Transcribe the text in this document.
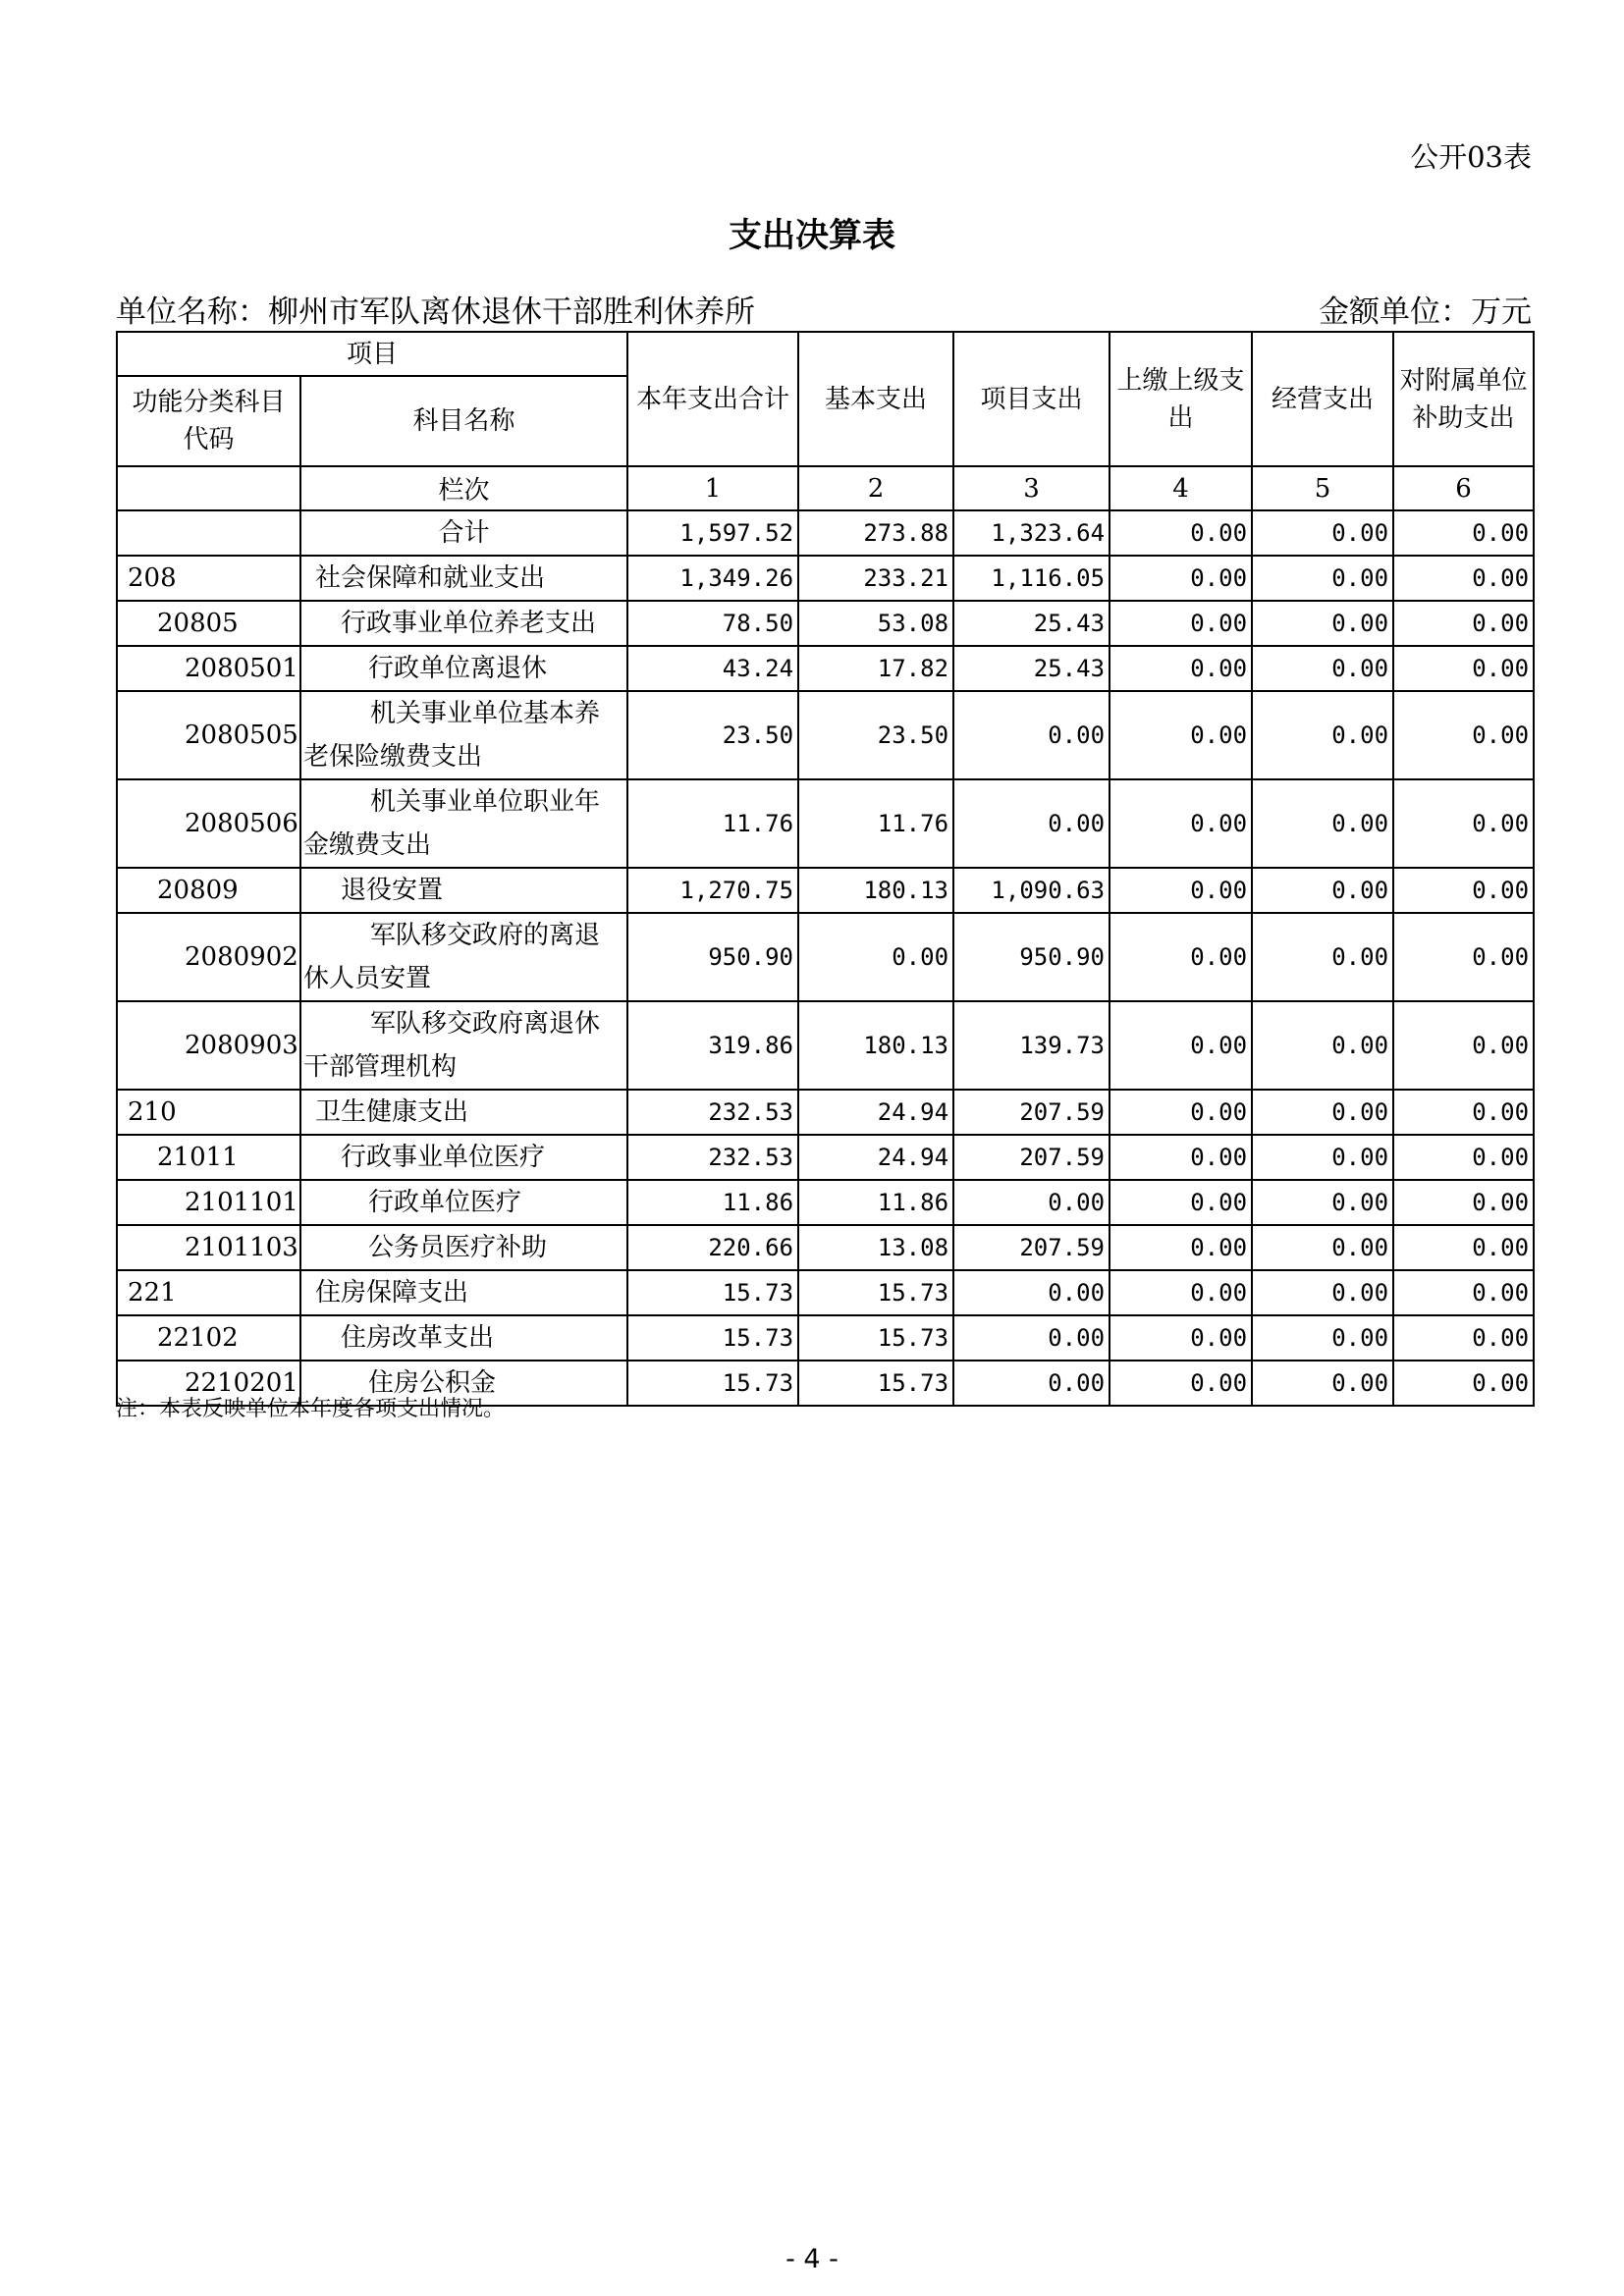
公开03表
支出决算表
单位名称：柳州市军队离休退休干部胜利休养所	金额单位：万元
项目		本年支出合计	基本支出	项目支出	上缴上级支出	经营支出	对附属单位补助支出
功能分类科目代码	科目名称						
	栏次	1	2	3	4	5	6
	合计	1,597.52	273.88	1,323.64	0.00	0.00	0.00
208	社会保障和就业支出	1,349.26	233.21	1,116.05	0.00	0.00	0.00
20805	行政事业单位养老支出	78.50	53.08	25.43	0.00	0.00	0.00
2080501	行政单位离退休	43.24	17.82	25.43	0.00	0.00	0.00
2080505	机关事业单位基本养老保险缴费支出	23.50	23.50	0.00	0.00	0.00	0.00
2080506	机关事业单位职业年金缴费支出	11.76	11.76	0.00	0.00	0.00	0.00
20809	退役安置	1,270.75	180.13	1,090.63	0.00	0.00	0.00
2080902	军队移交政府的离退休人员安置	950.90	0.00	950.90	0.00	0.00	0.00
2080903	军队移交政府离退休干部管理机构	319.86	180.13	139.73	0.00	0.00	0.00
210	卫生健康支出	232.53	24.94	207.59	0.00	0.00	0.00
21011	行政事业单位医疗	232.53	24.94	207.59	0.00	0.00	0.00
2101101	行政单位医疗	11.86	11.86	0.00	0.00	0.00	0.00
2101103	公务员医疗补助	220.66	13.08	207.59	0.00	0.00	0.00
221	住房保障支出	15.73	15.73	0.00	0.00	0.00	0.00
22102	住房改革支出	15.73	15.73	0.00	0.00	0.00	0.00
2210201	住房公积金	15.73	15.73	0.00	0.00	0.00	0.00
注：本表反映单位本年度各项支出情况。
- 4 -
